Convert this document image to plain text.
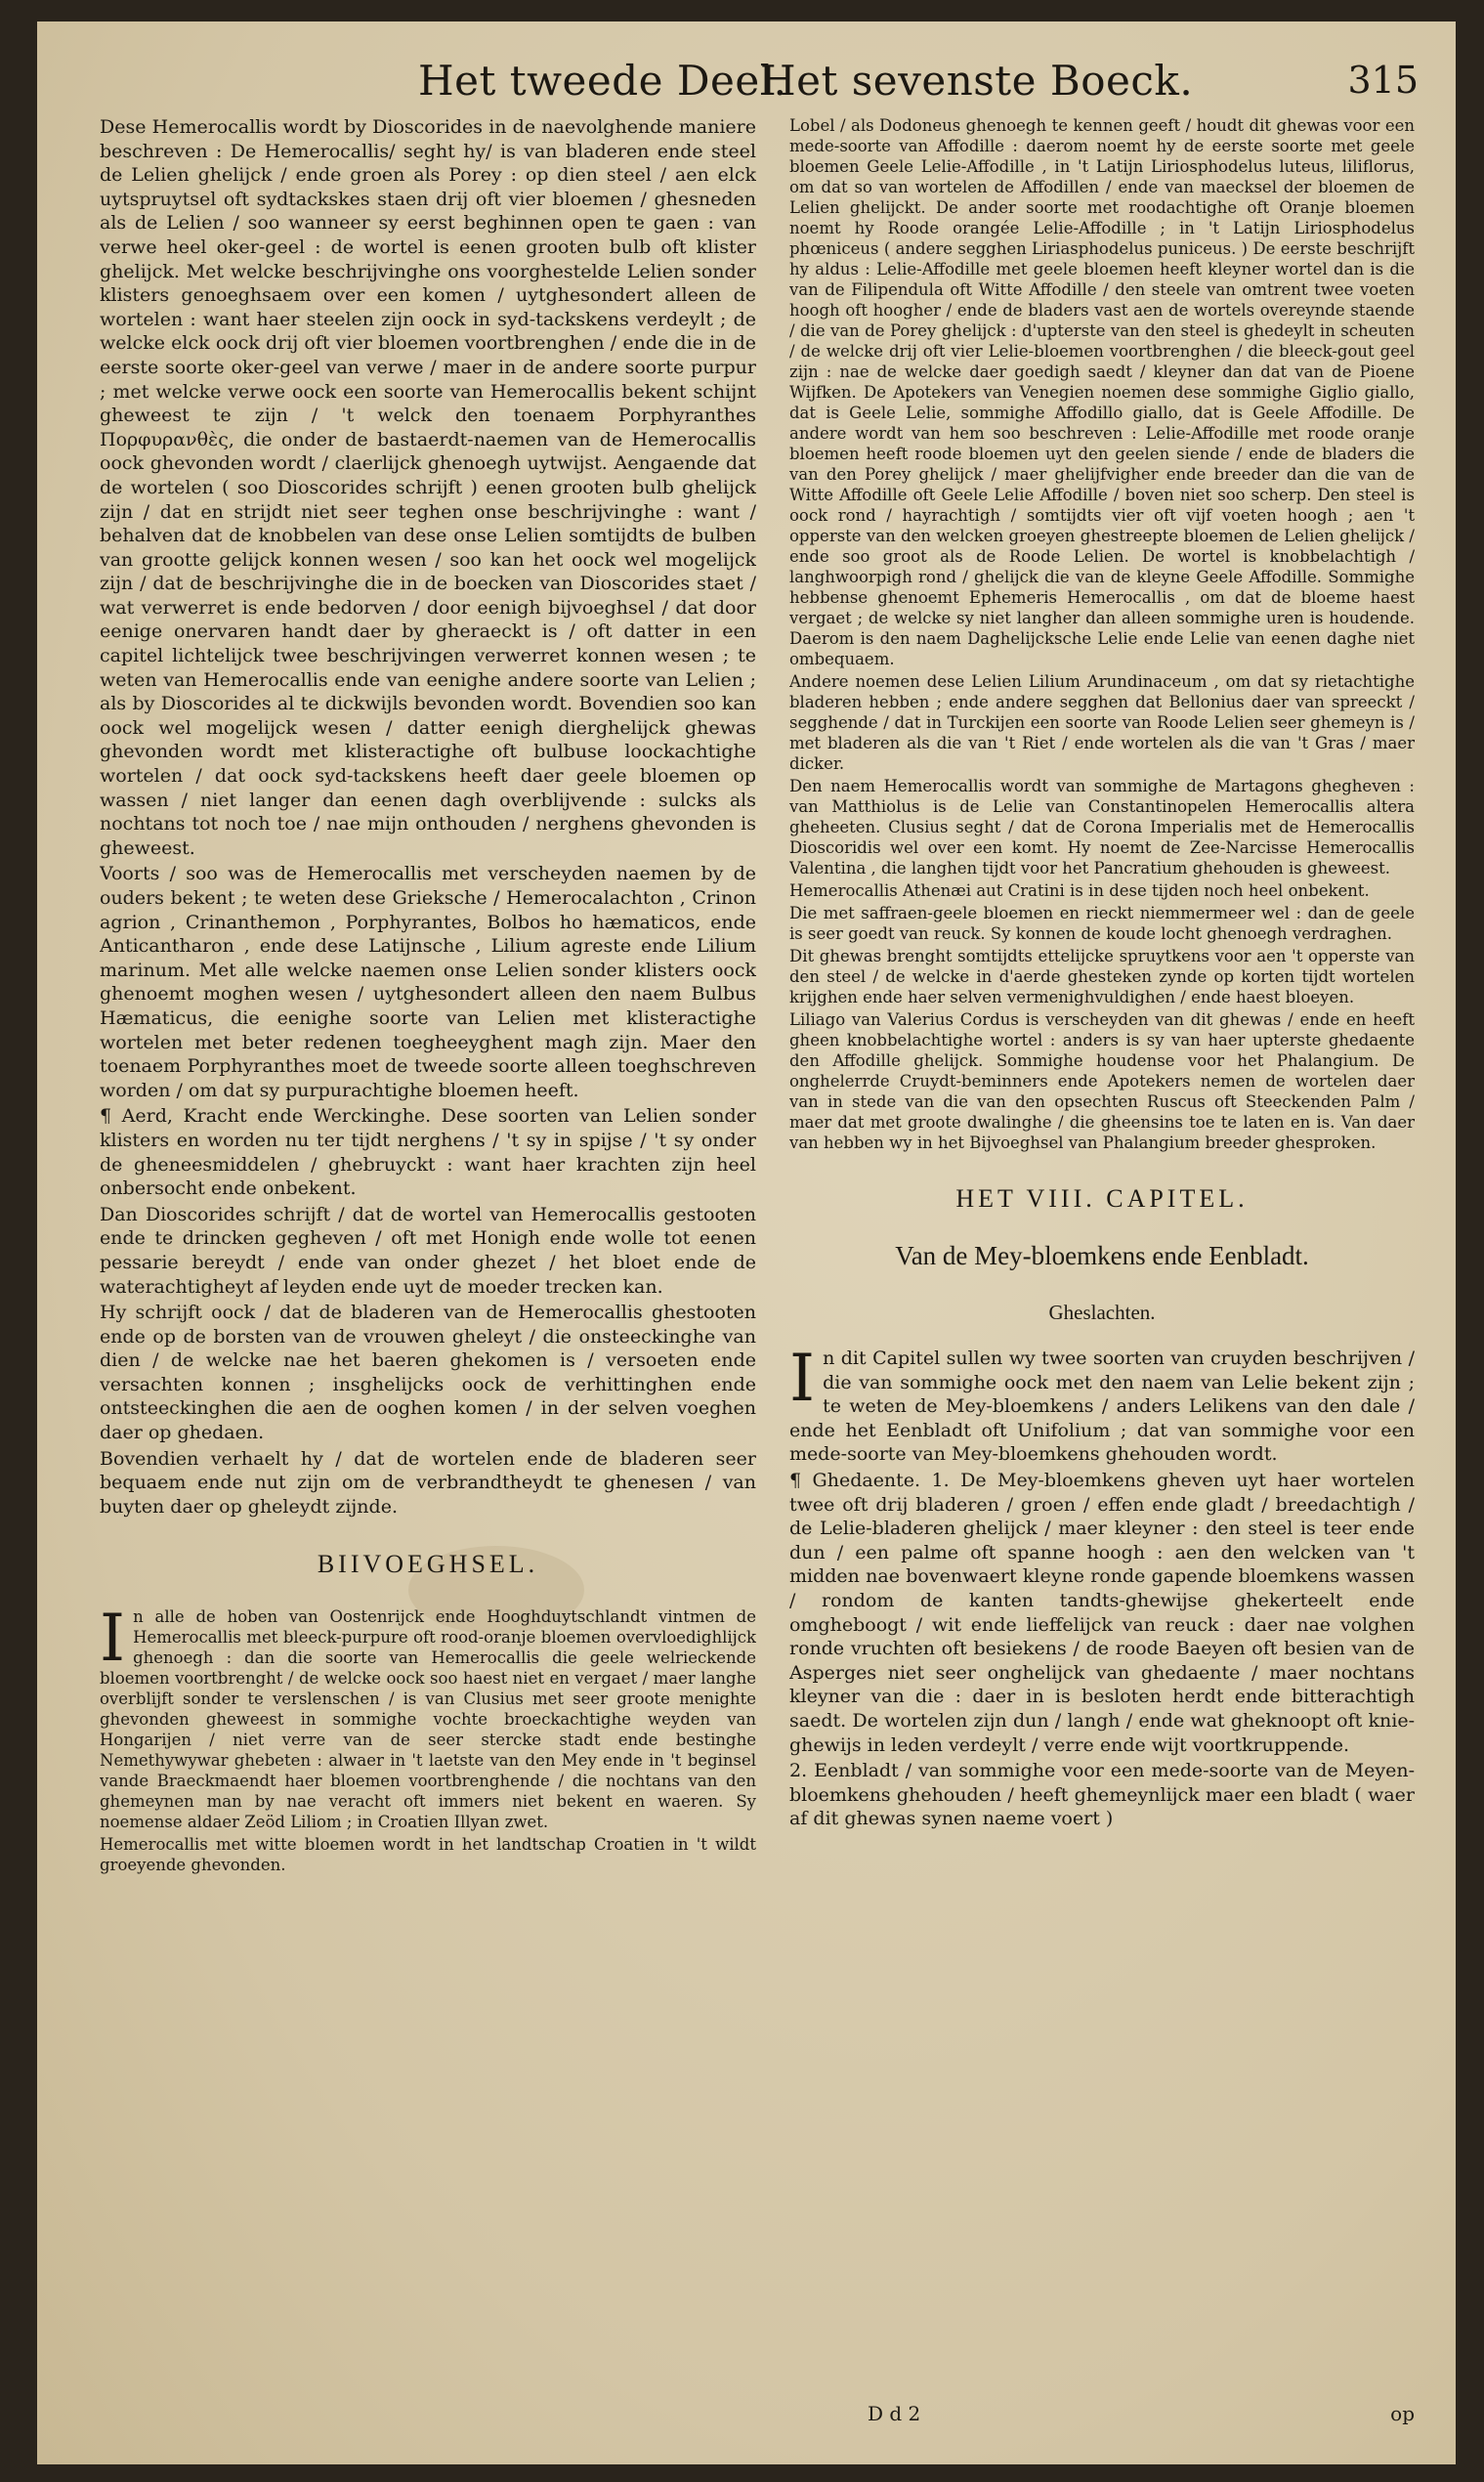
Het tweede Deel.
Het sevenste Boeck.	315

Dese Hemerocallis wordt by Dioscorides in de naevolghende maniere beschreven : De Hemerocallis/ seght hy/ is van bladeren ende steel de Lelien ghelijck / ende groen als Porey : op dien steel / aen elck uytspruytsel oft sydtackskes staen drij oft vier bloemen / ghesneden als de Lelien / soo wanneer sy eerst beghinnen open te gaen : van verwe heel oker-geel : de wortel is eenen grooten bulb oft klister ghelijck. Met welcke beschrijvinghe ons voorghestelde Lelien sonder klisters genoeghsaem over een komen / uytghesondert alleen de wortelen : want haer steelen zijn oock in syd-tackskens verdeylt ; de welcke elck oock drij oft vier bloemen voortbrenghen / ende die in de eerste soorte oker-geel van verwe / maer in de andere soorte purpur ; met welcke verwe oock een soorte van Hemerocallis bekent schijnt gheweest te zijn / 't welck den toenaem Porphyranthes Πορφυρανθὲς, die onder de bastaerdt-naemen van de Hemerocallis oock ghevonden wordt / claerlijck ghenoegh uytwijst. Aengaende dat de wortelen ( soo Dioscorides schrijft ) eenen grooten bulb ghelijck zijn / dat en strijdt niet seer teghen onse beschrijvinghe : want / behalven dat de knobbelen van dese onse Lelien somtijdts de bulben van grootte gelijck konnen wesen / soo kan het oock wel mogelijck zijn / dat de beschrijvinghe die in de boecken van Dioscorides staet / wat verwerret is ende bedorven / door eenigh bijvoeghsel / dat door eenige onervaren handt daer by gheraeckt is / oft datter in een capitel lichtelijck twee beschrijvingen verwerret konnen wesen ; te weten van Hemerocallis ende van eenighe andere soorte van Lelien ; als by Dioscorides al te dickwijls bevonden wordt. Bovendien soo kan oock wel mogelijck wesen / datter eenigh dierghelijck ghewas ghevonden wordt met klisteractighe oft bulbuse loockachtighe wortelen / dat oock syd-tackskens heeft daer geele bloemen op wassen / niet langer dan eenen dagh overblijvende : sulcks als nochtans tot noch toe / nae mijn onthouden / nerghens ghevonden is gheweest.

Voorts / soo was de Hemerocallis met verscheyden naemen by de ouders bekent ; te weten dese Grieksche / Hemerocalachton , Crinon agrion , Crinanthemon , Porphyrantes, Bolbos ho hæmaticos, ende Anticantharon , ende dese Latijnsche , Lilium agreste ende Lilium marinum. Met alle welcke naemen onse Lelien sonder klisters oock ghenoemt moghen wesen / uytghesondert alleen den naem Bulbus Hæmaticus, die eenighe soorte van Lelien met klisteractighe wortelen met beter redenen toegheeyghent magh zijn. Maer den toenaem Porphyranthes moet de tweede soorte alleen toeghschreven worden / om dat sy purpurachtighe bloemen heeft.

¶ Aerd, Kracht ende Werckinghe. Dese soorten van Lelien sonder klisters en worden nu ter tijdt nerghens / 't sy in spijse / 't sy onder de gheneesmiddelen / ghebruyckt : want haer krachten zijn heel onbersocht ende onbekent.

Dan Dioscorides schrijft / dat de wortel van Hemerocallis gestooten ende te drincken gegheven / oft met Honigh ende wolle tot eenen pessarie bereydt / ende van onder ghezet / het bloet ende de waterachtigheyt af leyden ende uyt de moeder trecken kan.

Hy schrijft oock / dat de bladeren van de Hemerocallis ghestooten ende op de borsten van de vrouwen gheleyt / die onsteeckinghe van dien / de welcke nae het baeren ghekomen is / versoeten ende versachten konnen ; insghelijcks oock de verhittinghen ende ontsteeckinghen die aen de ooghen komen / in der selven voeghen daer op ghedaen.

Bovendien verhaelt hy / dat de wortelen ende de bladeren seer bequaem ende nut zijn om de verbrandtheydt te ghenesen / van buyten daer op gheleydt zijnde.

BIIVOEGHSEL.

In alle de hoben van Oostenrijck ende Hooghduytschlandt vintmen de Hemerocallis met bleeck-purpure oft rood-oranje bloemen overvloedighlijck ghenoegh : dan die soorte van Hemerocallis die geele welrieckende bloemen voortbrenght / de welcke oock soo haest niet en vergaet / maer langhe overblijft sonder te verslenschen / is van Clusius met seer groote menighte ghevonden gheweest in sommighe vochte broeckachtighe weyden van Hongarijen / niet verre van de seer stercke stadt ende bestinghe Nemethywywar ghebeten : alwaer in 't laetste van den Mey ende in 't beginsel vande Braeckmaendt haer bloemen voortbrenghende / die nochtans van den ghemeynen man by nae veracht oft immers niet bekent en waeren. Sy noemense aldaer Zeöd Liliom ; in Croatien Illyan zwet.

Hemerocallis met witte bloemen wordt in het landtschap Croatien in 't wildt groeyende ghevonden.

Lobel / als Dodoneus ghenoegh te kennen geeft / houdt dit ghewas voor een mede-soorte van Affodille : daerom noemt hy de eerste soorte met geele bloemen Geele Lelie-Affodille , in 't Latijn Liriosphodelus luteus, liliflorus, om dat so van wortelen de Affodillen / ende van maecksel der bloemen de Lelien ghelijckt. De ander soorte met roodachtighe oft Oranje bloemen noemt hy Roode orangée Lelie-Affodille ; in 't Latijn Liriosphodelus phœniceus ( andere segghen Liriasphodelus puniceus. ) De eerste beschrijft hy aldus : Lelie-Affodille met geele bloemen heeft kleyner wortel dan is die van de Filipendula oft Witte Affodille / den steele van omtrent twee voeten hoogh oft hoogher / ende de bladers vast aen de wortels overeynde staende / die van de Porey ghelijck : d'upterste van den steel is ghedeylt in scheuten / de welcke drij oft vier Lelie-bloemen voortbrenghen / die bleeck-gout geel zijn : nae de welcke daer goedigh saedt / kleyner dan dat van de Pioene Wijfken. De Apotekers van Venegien noemen dese sommighe Giglio giallo, dat is Geele Lelie, sommighe Affodillo giallo, dat is Geele Affodille. De andere wordt van hem soo beschreven : Lelie-Affodille met roode oranje bloemen heeft roode bloemen uyt den geelen siende / ende de bladers die van den Porey ghelijck / maer ghelijfvigher ende breeder dan die van de Witte Affodille oft Geele Lelie Affodille / boven niet soo scherp. Den steel is oock rond / hayrachtigh / somtijdts vier oft vijf voeten hoogh ; aen 't opperste van den welcken groeyen ghestreepte bloemen de Lelien ghelijck / ende soo groot als de Roode Lelien. De wortel is knobbelachtigh / langhwoorpigh rond / ghelijck die van de kleyne Geele Affodille. Sommighe hebbense ghenoemt Ephemeris Hemerocallis , om dat de bloeme haest vergaet ; de welcke sy niet langher dan alleen sommighe uren is houdende. Daerom is den naem Daghelijcksche Lelie ende Lelie van eenen daghe niet ombequaem.

Andere noemen dese Lelien Lilium Arundinaceum , om dat sy rietachtighe bladeren hebben ; ende andere segghen dat Bellonius daer van spreeckt / segghende / dat in Turckijen een soorte van Roode Lelien seer ghemeyn is / met bladeren als die van 't Riet / ende wortelen als die van 't Gras / maer dicker.

Den naem Hemerocallis wordt van sommighe de Martagons ghegheven : van Matthiolus is de Lelie van Constantinopelen Hemerocallis altera gheheeten. Clusius seght / dat de Corona Imperialis met de Hemerocallis Dioscoridis wel over een komt. Hy noemt de Zee-Narcisse Hemerocallis Valentina , die langhen tijdt voor het Pancratium ghehouden is gheweest.

Hemerocallis Athenæi aut Cratini is in dese tijden noch heel onbekent.

Die met saffraen-geele bloemen en rieckt niemmermeer wel : dan de geele is seer goedt van reuck. Sy konnen de koude locht ghenoegh verdraghen.

Dit ghewas brenght somtijdts ettelijcke spruytkens voor aen 't opperste van den steel / de welcke in d'aerde ghesteken zynde op korten tijdt wortelen krijghen ende haer selven vermenighvuldighen / ende haest bloeyen.

Liliago van Valerius Cordus is verscheyden van dit ghewas / ende en heeft gheen knobbelachtighe wortel : anders is sy van haer upterste ghedaente den Affodille ghelijck. Sommighe houdense voor het Phalangium. De onghelerrde Cruydt-beminners ende Apotekers nemen de wortelen daer van in stede van die van den opsechten Ruscus oft Steeckenden Palm / maer dat met groote dwalinghe / die gheensins toe te laten en is. Van daer van hebben wy in het Bijvoeghsel van Phalangium breeder ghesproken.

HET VIII. CAPITEL.
Van de Mey-bloemkens ende Eenbladt.
Gheslachten.

In dit Capitel sullen wy twee soorten van cruyden beschrijven / die van sommighe oock met den naem van Lelie bekent zijn ; te weten de Mey-bloemkens / anders Lelikens van den dale / ende het Eenbladt oft Unifolium ; dat van sommighe voor een mede-soorte van Mey-bloemkens ghehouden wordt.

¶ Ghedaente. 1. De Mey-bloemkens gheven uyt haer wortelen twee oft drij bladeren / groen / effen ende gladt / breedachtigh / de Lelie-bladeren ghelijck / maer kleyner : den steel is teer ende dun / een palme oft spanne hoogh : aen den welcken van 't midden nae bovenwaert kleyne ronde gapende bloemkens wassen / rondom de kanten tandts-ghewijse ghekerteelt ende omgheboogt / wit ende lieffelijck van reuck : daer nae volghen ronde vruchten oft besiekens / de roode Baeyen oft besien van de Asperges niet seer onghelijck van ghedaente / maer nochtans kleyner van die : daer in is besloten herdt ende bitterachtigh saedt. De wortelen zijn dun / langh / ende wat gheknoopt oft knie-ghewijs in leden verdeylt / verre ende wijt voortkruppende.

2. Eenbladt / van sommighe voor een mede-soorte van de Meyen-bloemkens ghehouden / heeft ghemeynlijck maer een bladt ( waer af dit ghewas synen naeme voert )

D d 2	op
